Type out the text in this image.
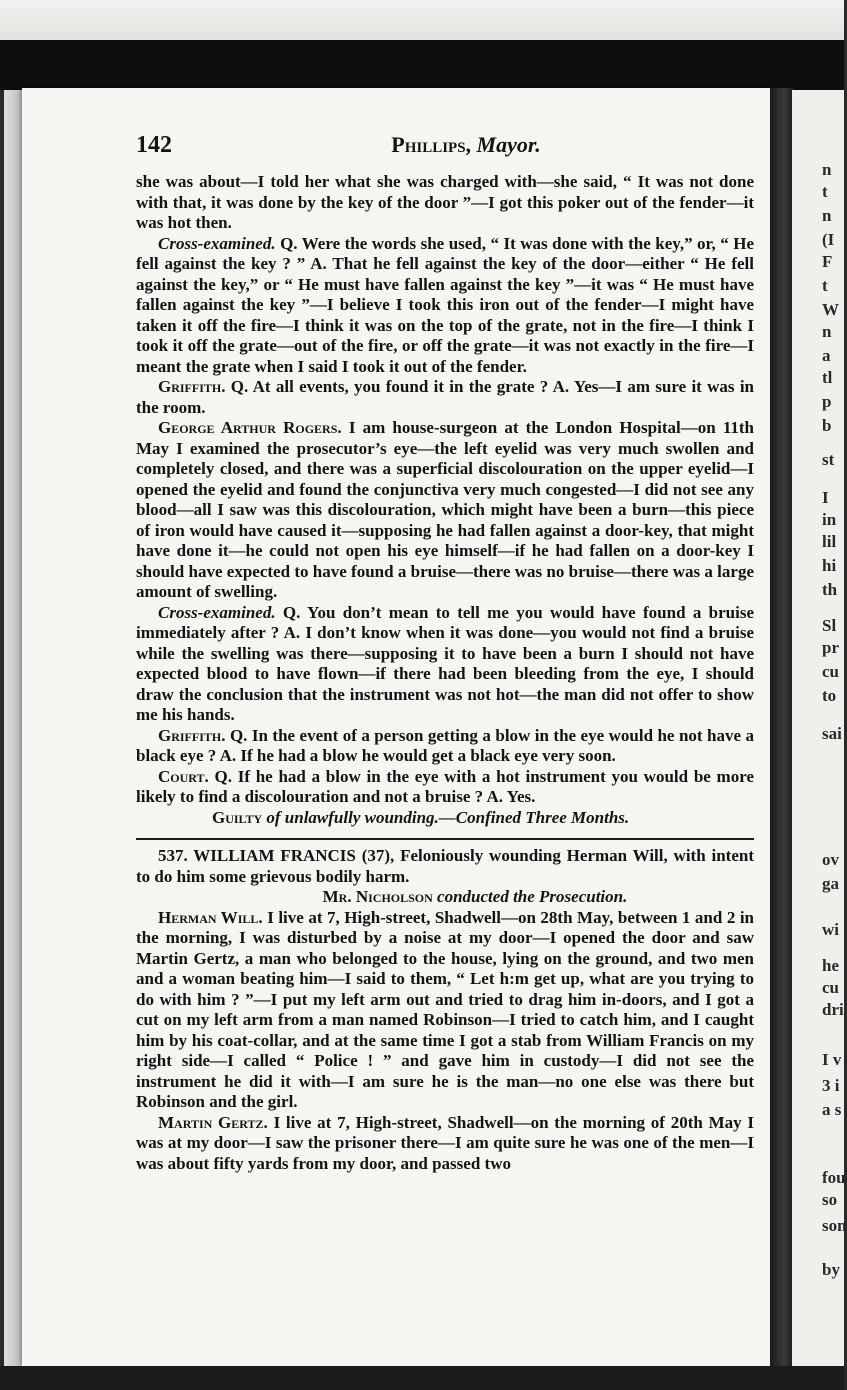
142	Phillips, Mayor.

she was about—I told her what she was charged with—she said, “ It was not done with that, it was done by the key of the door ”—I got this poker out of the fender—it was hot then.

Cross-examined. Q. Were the words she used, “ It was done with the key,” or, “ He fell against the key ? ” A. That he fell against the key of the door—either “ He fell against the key,” or “ He must have fallen against the key ”—it was “ He must have fallen against the key ”—I believe I took this iron out of the fender—I might have taken it off the fire—I think it was on the top of the grate, not in the fire—I think I took it off the grate—out of the fire, or off the grate—it was not exactly in the fire—I meant the grate when I said I took it out of the fender.

Griffith. Q. At all events, you found it in the grate ? A. Yes—I am sure it was in the room.

George Arthur Rogers. I am house-surgeon at the London Hospital—on 11th May I examined the prosecutor’s eye—the left eyelid was very much swollen and completely closed, and there was a superficial discolouration on the upper eyelid—I opened the eyelid and found the conjunctiva very much congested—I did not see any blood—all I saw was this discolouration, which might have been a burn—this piece of iron would have caused it—supposing he had fallen against a door-key, that might have done it—he could not open his eye himself—if he had fallen on a door-key I should have expected to have found a bruise—there was no bruise—there was a large amount of swelling.

Cross-examined. Q. You don’t mean to tell me you would have found a bruise immediately after ? A. I don’t know when it was done—you would not find a bruise while the swelling was there—supposing it to have been a burn I should not have expected blood to have flown—if there had been bleeding from the eye, I should draw the conclusion that the instrument was not hot—the man did not offer to show me his hands.

Griffith. Q. In the event of a person getting a blow in the eye would he not have a black eye ? A. If he had a blow he would get a black eye very soon.

Court. Q. If he had a blow in the eye with a hot instrument you would be more likely to find a discolouration and not a bruise ? A. Yes.

Guilty of unlawfully wounding.—Confined Three Months.

537. WILLIAM FRANCIS (37), Feloniously wounding Herman Will, with intent to do him some grievous bodily harm.

Mr. Nicholson conducted the Prosecution.

Herman Will. I live at 7, High-street, Shadwell—on 28th May, between 1 and 2 in the morning, I was disturbed by a noise at my door—I opened the door and saw Martin Gertz, a man who belonged to the house, lying on the ground, and two men and a woman beating him—I said to them, “ Let h:m get up, what are you trying to do with him ? ”—I put my left arm out and tried to drag him in-doors, and I got a cut on my left arm from a man named Robinson—I tried to catch him, and I caught him by his coat-collar, and at the same time I got a stab from William Francis on my right side—I called “ Police ! ” and gave him in custody—I did not see the instrument he did it with—I am sure he is the man—no one else was there but Robinson and the girl.

Martin Gertz. I live at 7, High-street, Shadwell—on the morning of 20th May I was at my door—I saw the prisoner there—I am quite sure he was one of the men—I was about fifty yards from my door, and passed two

n
t
n
(I
F
t
W
n
a
tl
p
b
st
I
in
lil
hi
th
Sl
pr
cu
to
sai
ov
ga
wi
he
cu
dri
I v
3 i
a s
fou
so
son
by
